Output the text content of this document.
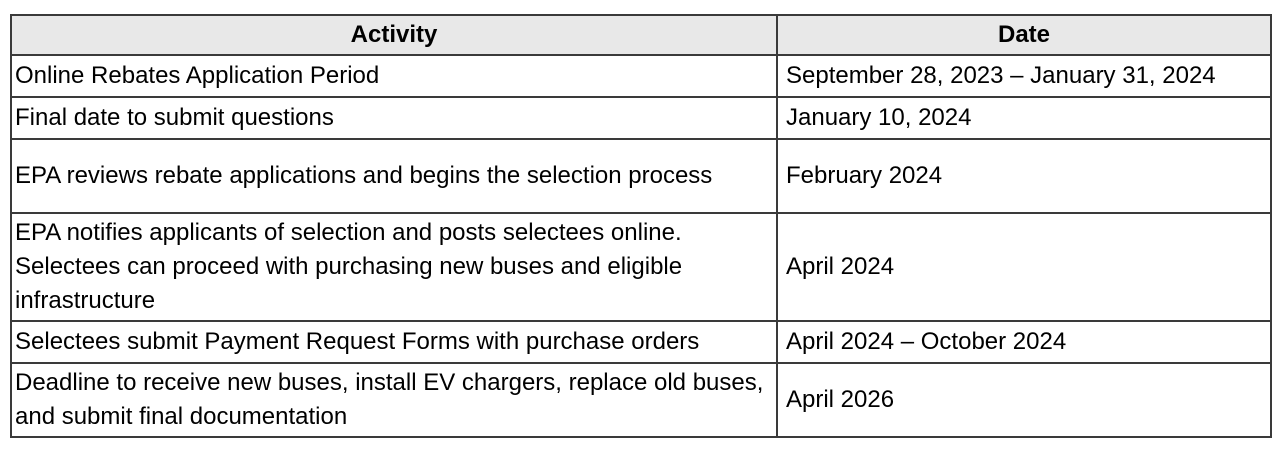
Activity	Date
Online Rebates Application Period	September 28, 2023 – January 31, 2024
Final date to submit questions	January 10, 2024
EPA reviews rebate applications and begins the selection process	February 2024
EPA notifies applicants of selection and posts selectees online. Selectees can proceed with purchasing new buses and eligible infrastructure	April 2024
Selectees submit Payment Request Forms with purchase orders	April 2024 – October 2024
Deadline to receive new buses, install EV chargers, replace old buses, and submit final documentation	April 2026
